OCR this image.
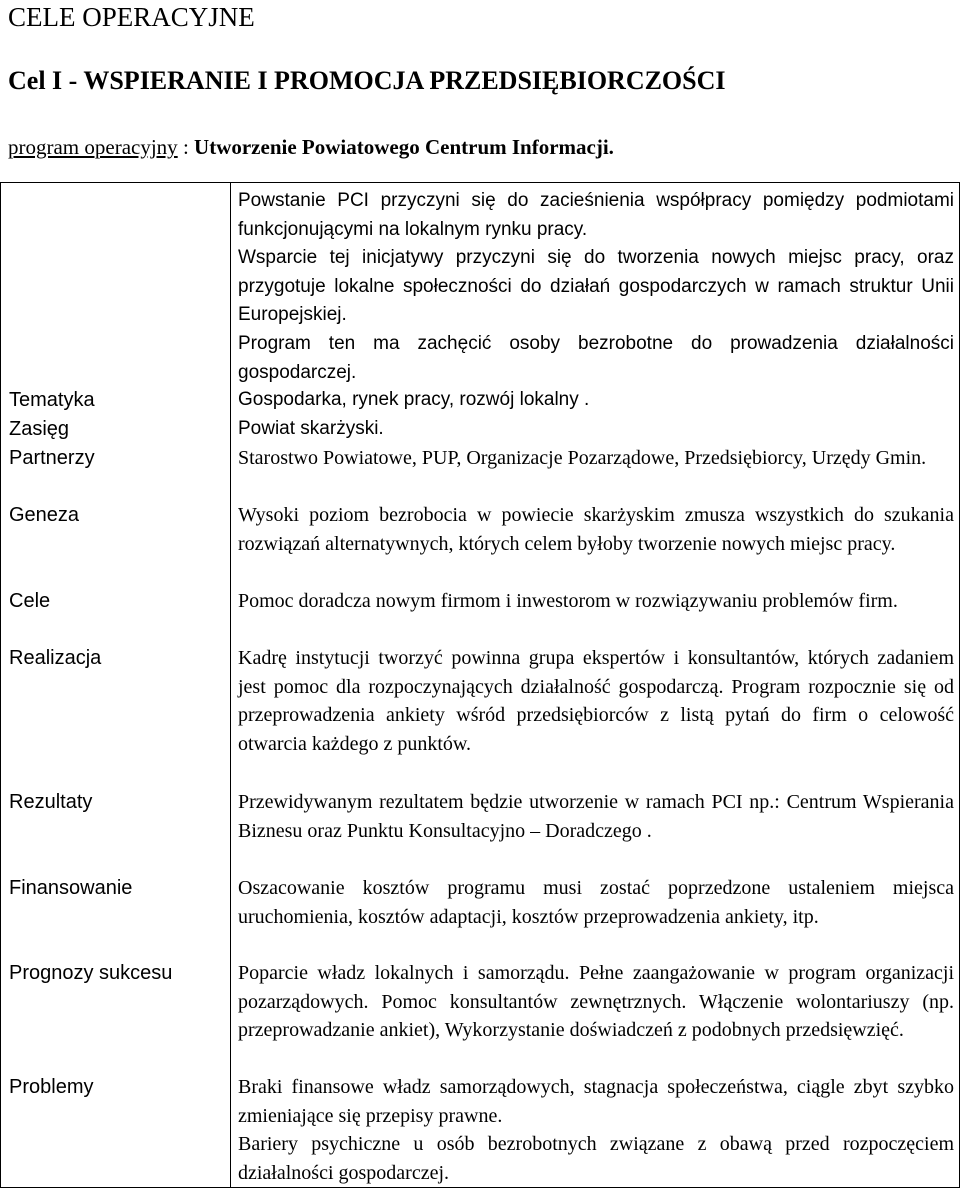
CELE OPERACYJNE
Cel I - WSPIERANIE I PROMOCJA PRZEDSIĘBIORCZOŚCI
program operacyjny : Utworzenie Powiatowego Centrum Informacji.

Powstanie PCI przyczyni się do zacieśnienia współpracy pomiędzy podmiotami funkcjonującymi na lokalnym rynku pracy.

Wsparcie tej inicjatywy przyczyni się do tworzenia nowych miejsc pracy, oraz przygotuje lokalne społeczności do działań gospodarczych w ramach struktur Unii Europejskiej.

Program ten ma zachęcić osoby bezrobotne do prowadzenia działalności gospodarczej.

Tematyka	Gospodarka, rynek pracy, rozwój lokalny .
Zasięg	Powiat skarżyski.
Partnerzy	Starostwo Powiatowe, PUP, Organizacje Pozarządowe, Przedsiębiorcy, Urzędy Gmin.
Geneza	Wysoki poziom bezrobocia w powiecie skarżyskim zmusza wszystkich do szukania rozwiązań alternatywnych, których celem byłoby tworzenie nowych miejsc pracy.
Cele	Pomoc doradcza nowym firmom i inwestorom w rozwiązywaniu problemów firm.
Realizacja	Kadrę instytucji tworzyć powinna grupa ekspertów i konsultantów, których zadaniem jest pomoc dla rozpoczynających działalność gospodarczą. Program rozpocznie się od przeprowadzenia ankiety wśród przedsiębiorców z listą pytań do firm o celowość otwarcia każdego z punktów.
Rezultaty	Przewidywanym rezultatem będzie utworzenie w ramach PCI np.: Centrum Wspierania Biznesu oraz Punktu Konsultacyjno – Doradczego .
Finansowanie	Oszacowanie kosztów programu musi zostać poprzedzone ustaleniem miejsca uruchomienia, kosztów adaptacji, kosztów przeprowadzenia ankiety, itp.
Prognozy sukcesu	Poparcie władz lokalnych i samorządu. Pełne zaangażowanie w program organizacji pozarządowych. Pomoc konsultantów zewnętrznych. Włączenie wolontariuszy (np. przeprowadzanie ankiet), Wykorzystanie doświadczeń z podobnych przedsięwzięć.
Problemy	Braki finansowe władz samorządowych, stagnacja społeczeństwa, ciągle zbyt szybko zmieniające się przepisy prawne.

Bariery psychiczne u osób bezrobotnych związane z obawą przed rozpoczęciem działalności gospodarczej.
